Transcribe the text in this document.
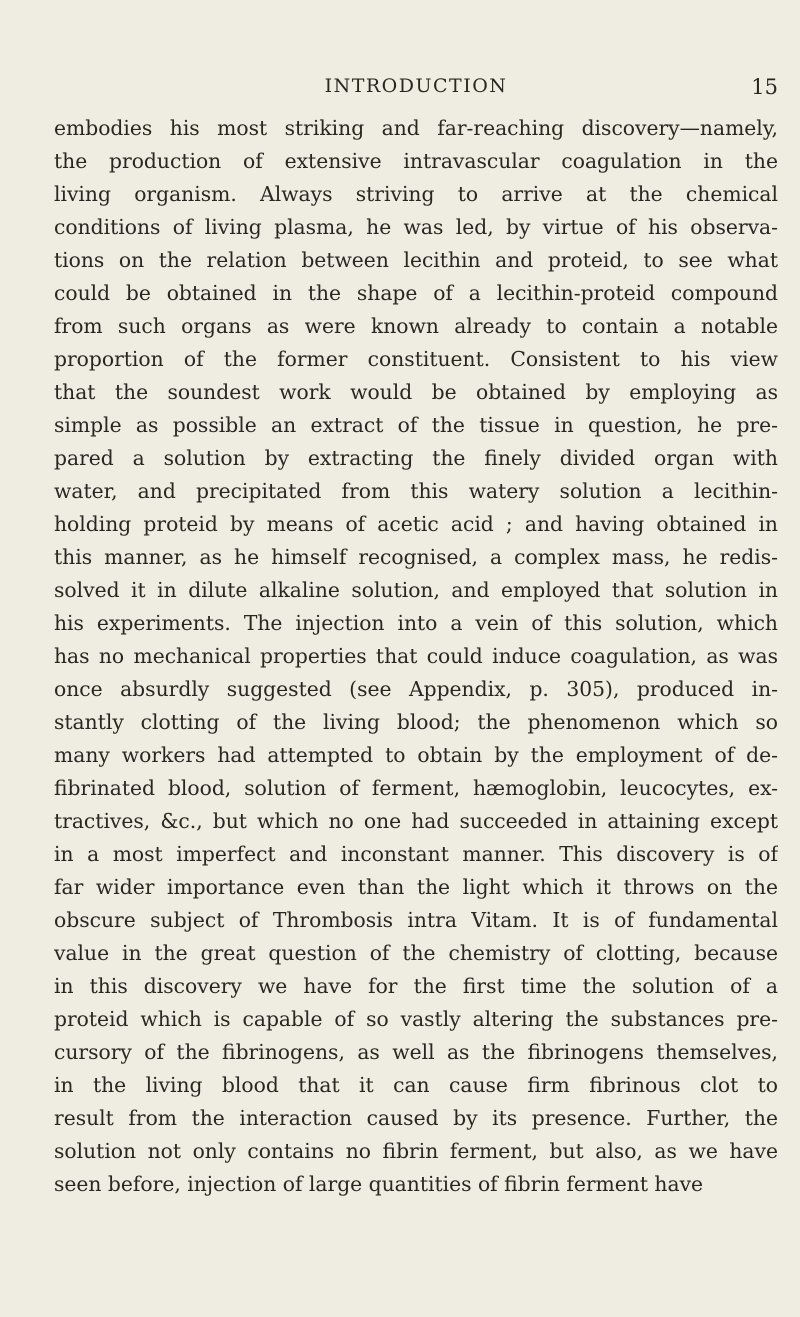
INTRODUCTION	15
embodies his most striking and far-reaching discovery—namely,
the production of extensive intravascular coagulation in the
living organism. Always striving to arrive at the chemical
conditions of living plasma, he was led, by virtue of his observa-
tions on the relation between lecithin and proteid, to see what
could be obtained in the shape of a lecithin-proteid compound
from such organs as were known already to contain a notable
proportion of the former constituent. Consistent to his view
that the soundest work would be obtained by employing as
simple as possible an extract of the tissue in question, he pre-
pared a solution by extracting the finely divided organ with
water, and precipitated from this watery solution a lecithin-
holding proteid by means of acetic acid ; and having obtained in
this manner, as he himself recognised, a complex mass, he redis-
solved it in dilute alkaline solution, and employed that solution in
his experiments. The injection into a vein of this solution, which
has no mechanical properties that could induce coagulation, as was
once absurdly suggested (see Appendix, p. 305), produced in-
stantly clotting of the living blood; the phenomenon which so
many workers had attempted to obtain by the employment of de-
fibrinated blood, solution of ferment, hæmoglobin, leucocytes, ex-
tractives, &c., but which no one had succeeded in attaining except
in a most imperfect and inconstant manner. This discovery is of
far wider importance even than the light which it throws on the
obscure subject of Thrombosis intra Vitam. It is of fundamental
value in the great question of the chemistry of clotting, because
in this discovery we have for the first time the solution of a
proteid which is capable of so vastly altering the substances pre-
cursory of the fibrinogens, as well as the fibrinogens themselves,
in the living blood that it can cause firm fibrinous clot to
result from the interaction caused by its presence. Further, the
solution not only contains no fibrin ferment, but also, as we have
seen before, injection of large quantities of fibrin ferment have
